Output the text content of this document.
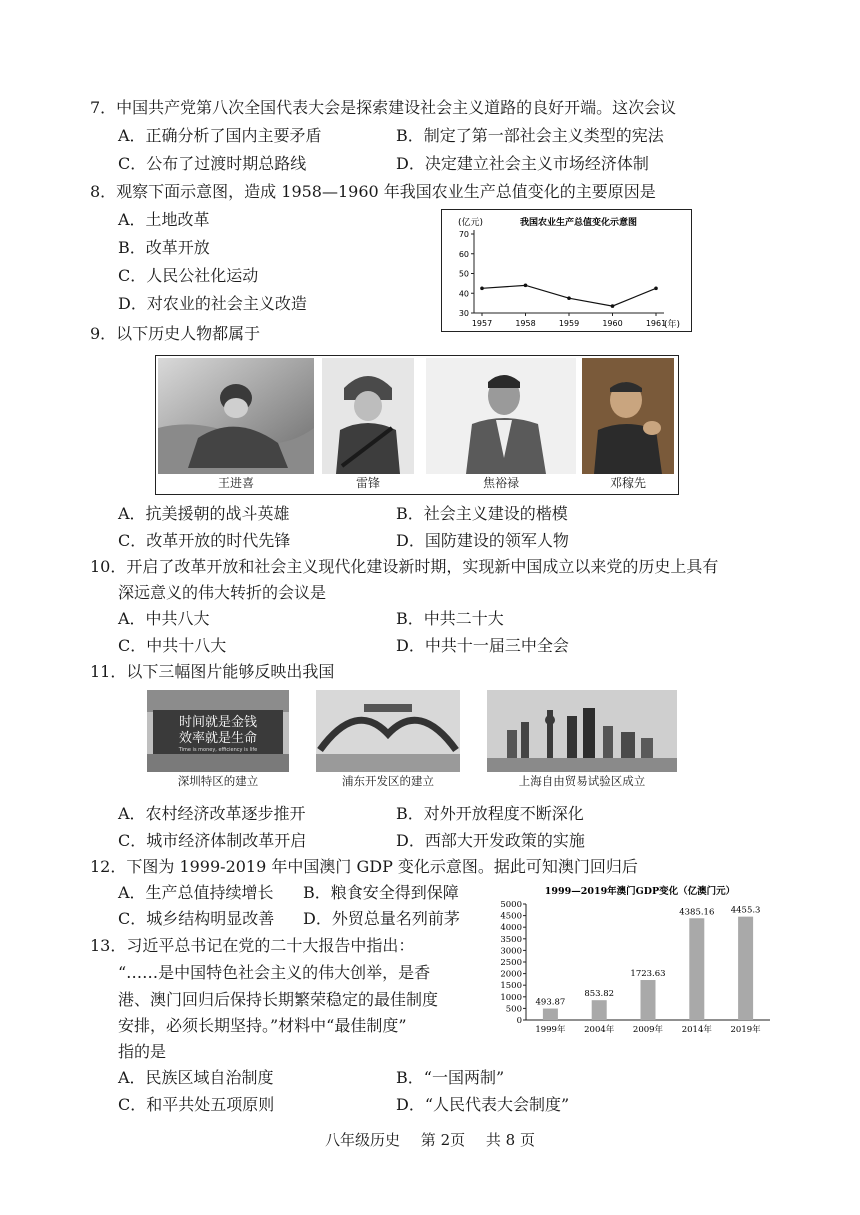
7．中国共产党第八次全国代表大会是探索建设社会主义道路的良好开端。这次会议
A．正确分析了国内主要矛盾	B．制定了第一部社会主义类型的宪法
C．公布了过渡时期总路线	D．决定建立社会主义市场经济体制
8．观察下面示意图，造成 1958—1960 年我国农业生产总值变化的主要原因是
A．土地改革
B．改革开放
C．人民公社化运动
D．对农业的社会主义改造
(亿元)	我国农业生产总值变化示意图
(年)
30
40
50
60
70
1957	1958	1959	1960	1961
9．以下历史人物都属于
王进喜	雷锋	焦裕禄	邓稼先
A．抗美援朝的战斗英雄	B．社会主义建设的楷模
C．改革开放的时代先锋	D．国防建设的领军人物
10．开启了改革开放和社会主义现代化建设新时期，实现新中国成立以来党的历史上具有
深远意义的伟大转折的会议是
A．中共八大	B．中共二十大
C．中共十八大	D．中共十一届三中全会
11．以下三幅图片能够反映出我国
时间就是金钱
效率就是生命
Time is money, efficiency is life
深圳特区的建立	浦东开发区的建立	上海自由贸易试验区成立
A．农村经济改革逐步推开	B．对外开放程度不断深化
C．城市经济体制改革开启	D．西部大开发政策的实施
12．下图为 1999-2019 年中国澳门 GDP 变化示意图。据此可知澳门回归后
A．生产总值持续增长 B．粮食安全得到保障
C．城乡结构明显改善 D．外贸总量名列前茅
1999—2019年澳门GDP变化（亿澳门元）
0
500
1000
1500
2000
2500
3000
3500
4000
4500
5000
493.87
1999年
853.82
2004年
1723.63
2009年
4385.16
2014年
4455.3
2019年
13．习近平总书记在党的二十大报告中指出：
“……是中国特色社会主义的伟大创举，是香
港、澳门回归后保持长期繁荣稳定的最佳制度
安排，必须长期坚持。”材料中“最佳制度”
指的是
A．民族区域自治制度	B．“一国两制”
C．和平共处五项原则	D．“人民代表大会制度”
八年级历史 第 2页 共 8 页
